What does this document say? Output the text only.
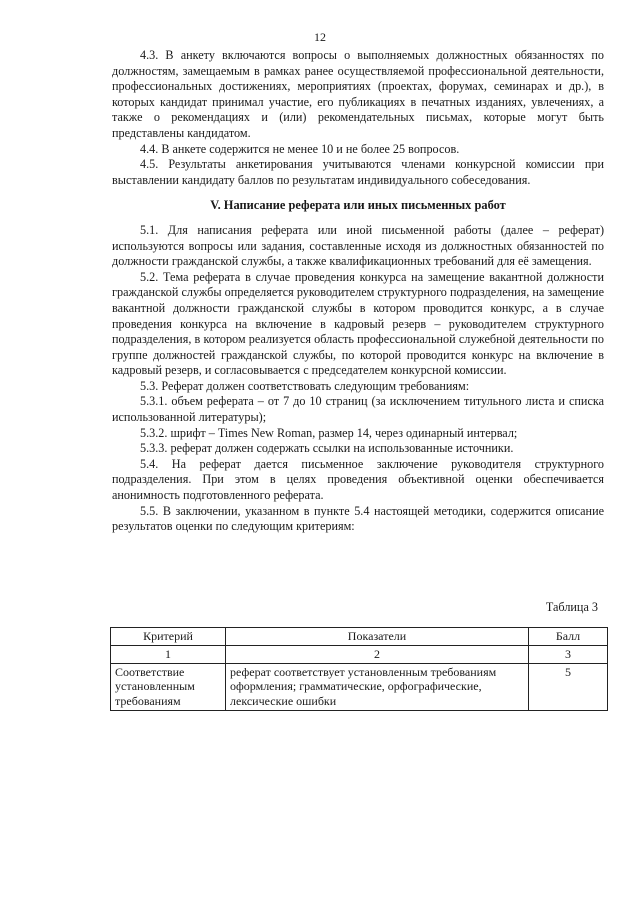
12

4.3. В анкету включаются вопросы о выполняемых должностных обязанностях по должностям, замещаемым в рамках ранее осуществляемой профессиональной деятельности, профессиональных достижениях, мероприятиях (проектах, форумах, семинарах и др.), в которых кандидат принимал участие, его публикациях в печатных изданиях, увлечениях, а также о рекомендациях и (или) рекомендательных письмах, которые могут быть представлены кандидатом.

4.4. В анкете содержится не менее 10 и не более 25 вопросов.

4.5. Результаты анкетирования учитываются членами конкурсной комиссии при выставлении кандидату баллов по результатам индивидуального собеседования.

V. Написание реферата или иных письменных работ

5.1. Для написания реферата или иной письменной работы (далее – реферат) используются вопросы или задания, составленные исходя из должностных обязанностей по должности гражданской службы, а также квалификационных требований для её замещения.

5.2. Тема реферата в случае проведения конкурса на замещение вакантной должности гражданской службы определяется руководителем структурного подразделения, на замещение вакантной должности гражданской службы в котором проводится конкурс, а в случае проведения конкурса на включение в кадровый резерв – руководителем структурного подразделения, в котором реализуется область профессиональной служебной деятельности по группе должностей гражданской службы, по которой проводится конкурс на включение в кадровый резерв, и согласовывается с председателем конкурсной комиссии.

5.3. Реферат должен соответствовать следующим требованиям:

5.3.1. объем реферата – от 7 до 10 страниц (за исключением титульного листа и списка использованной литературы);

5.3.2. шрифт – Times New Roman, размер 14, через одинарный интервал;

5.3.3. реферат должен содержать ссылки на использованные источники.

5.4. На реферат дается письменное заключение руководителя структурного подразделения. При этом в целях проведения объективной оценки обеспечивается анонимность подготовленного реферата.

5.5. В заключении, указанном в пункте 5.4 настоящей методики, содержится описание результатов оценки по следующим критериям:

Таблица 3
Критерий	Показатели	Балл
1	2	3
Соответствие установленным требованиям	реферат соответствует установленным требованиям оформления; грамматические, орфографические, лексические ошибки	5
